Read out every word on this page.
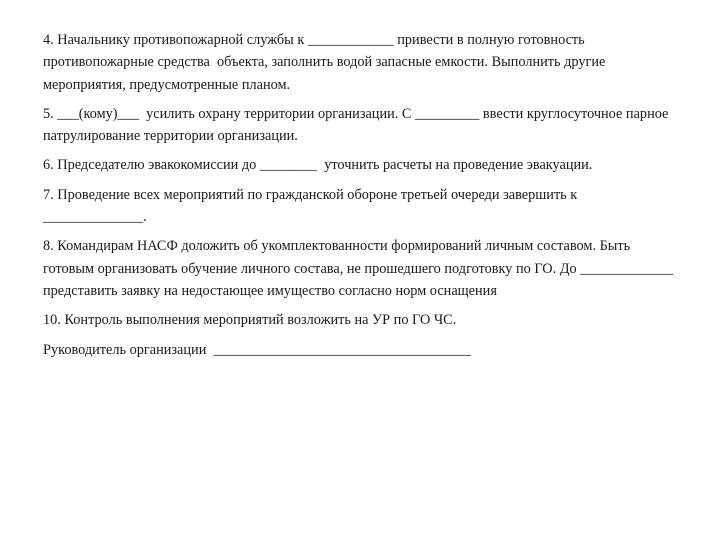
4. Начальнику противопожарной службы к ____________ привести в полную готовность противопожарные средства  объекта, заполнить водой запасные емкости. Выполнить другие мероприятия, предусмотренные планом.

5. ___(кому)___  усилить охрану территории организации. С _________ ввести круглосуточное парное патрулирование территории организации.

6. Председателю эвакокомиссии до ________  уточнить расчеты на проведение эвакуации.

7. Проведение всех мероприятий по гражданской обороне третьей очереди завершить к ______________.

8. Командирам НАСФ доложить об укомплектованности формирований личным составом. Быть готовым организовать обучение личного состава, не прошедшего подготовку по ГО. До _____________ представить заявку на недостающее имущество согласно норм оснащения

10. Контроль выполнения мероприятий возложить на УР по ГО ЧС.

Руководитель организации  ____________________________________
